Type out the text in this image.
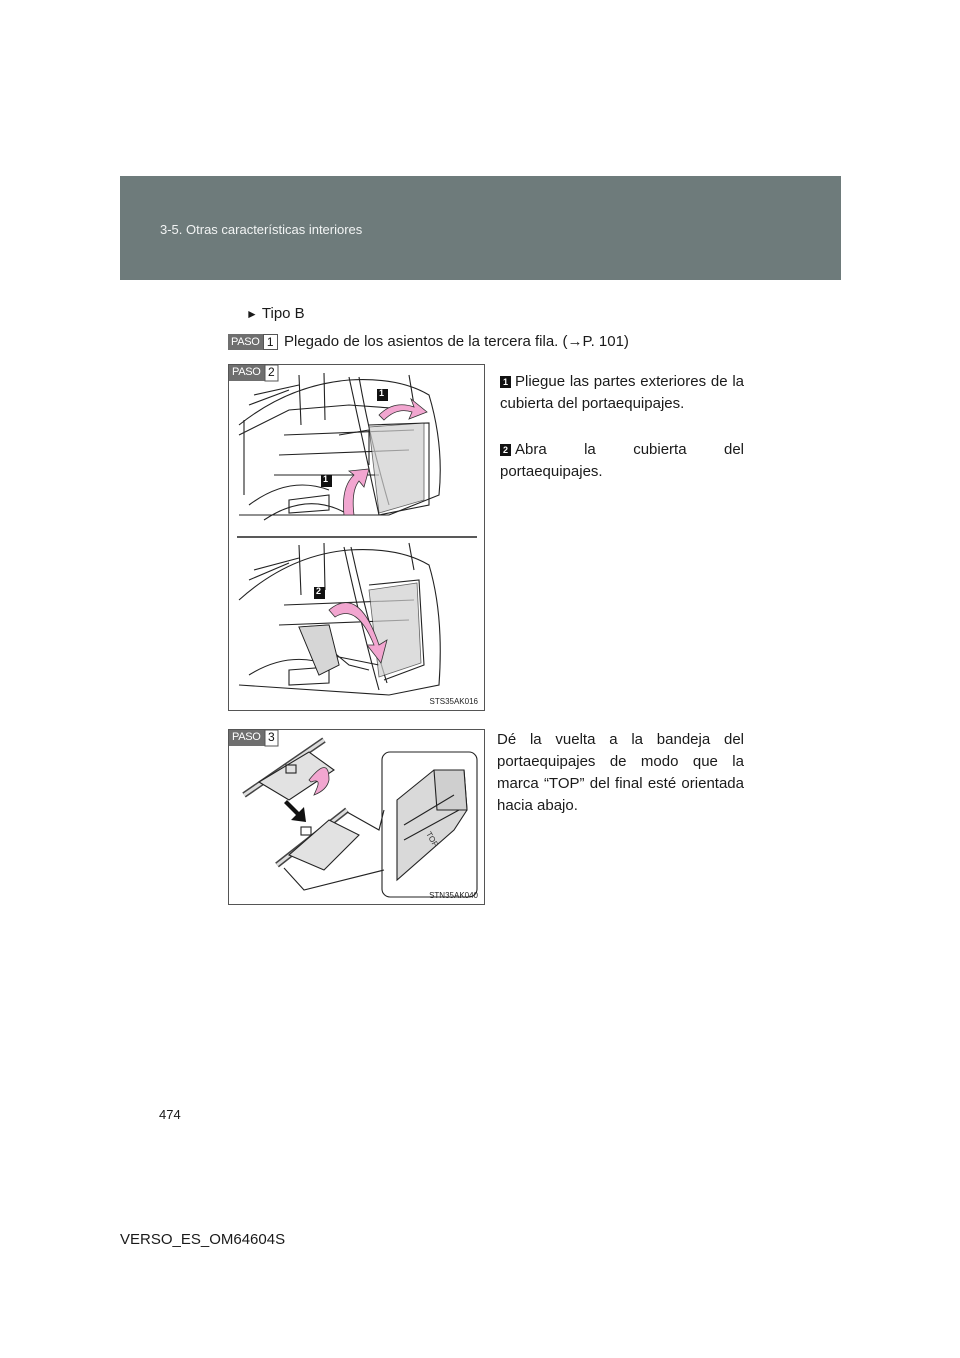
3-5. Otras características interiores
► Tipo B
PASO 1 Plegado de los asientos de la tercera fila. (→P. 101)
PASO 2
1
1
2
STS35AK016
1 Pliegue las partes exteriores de la cubierta del portaequipajes.
2 Abra la cubierta del portaequipajes.
PASO 3
TOP
STN35AK040
Dé la vuelta a la bandeja del portaequipajes de modo que la marca “TOP” del final esté orientada hacia abajo.
474
VERSO_ES_OM64604S
